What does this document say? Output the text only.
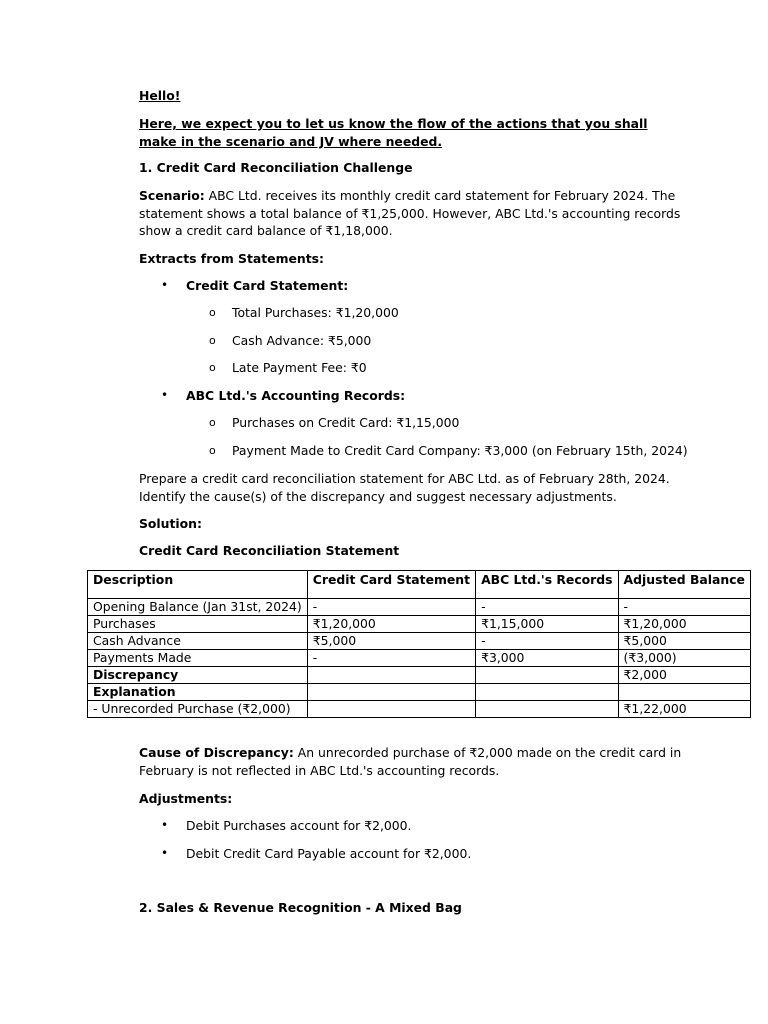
Hello!

Here, we expect you to let us know the flow of the actions that you shall make in the scenario and JV where needed.

1. Credit Card Reconciliation Challenge

Scenario: ABC Ltd. receives its monthly credit card statement for February 2024. The statement shows a total balance of ₹1,25,000. However, ABC Ltd.'s accounting records show a credit card balance of ₹1,18,000.

Extracts from Statements:

• Credit Card Statement:
o Total Purchases: ₹1,20,000
o Cash Advance: ₹5,000
o Late Payment Fee: ₹0
• ABC Ltd.'s Accounting Records:
o Purchases on Credit Card: ₹1,15,000
o Payment Made to Credit Card Company: ₹3,000 (on February 15th, 2024)

Prepare a credit card reconciliation statement for ABC Ltd. as of February 28th, 2024. Identify the cause(s) of the discrepancy and suggest necessary adjustments.

Solution:

Credit Card Reconciliation Statement

Description	Credit Card Statement	ABC Ltd.'s Records	Adjusted Balance
Opening Balance (Jan 31st, 2024)	-	-	-
Purchases	₹1,20,000	₹1,15,000	₹1,20,000
Cash Advance	₹5,000	-	₹5,000
Payments Made	-	₹3,000	(₹3,000)
Discrepancy			₹2,000
Explanation			
- Unrecorded Purchase (₹2,000)			₹1,22,000

Cause of Discrepancy: An unrecorded purchase of ₹2,000 made on the credit card in February is not reflected in ABC Ltd.'s accounting records.

Adjustments:

• Debit Purchases account for ₹2,000.
• Debit Credit Card Payable account for ₹2,000.

2. Sales & Revenue Recognition - A Mixed Bag
